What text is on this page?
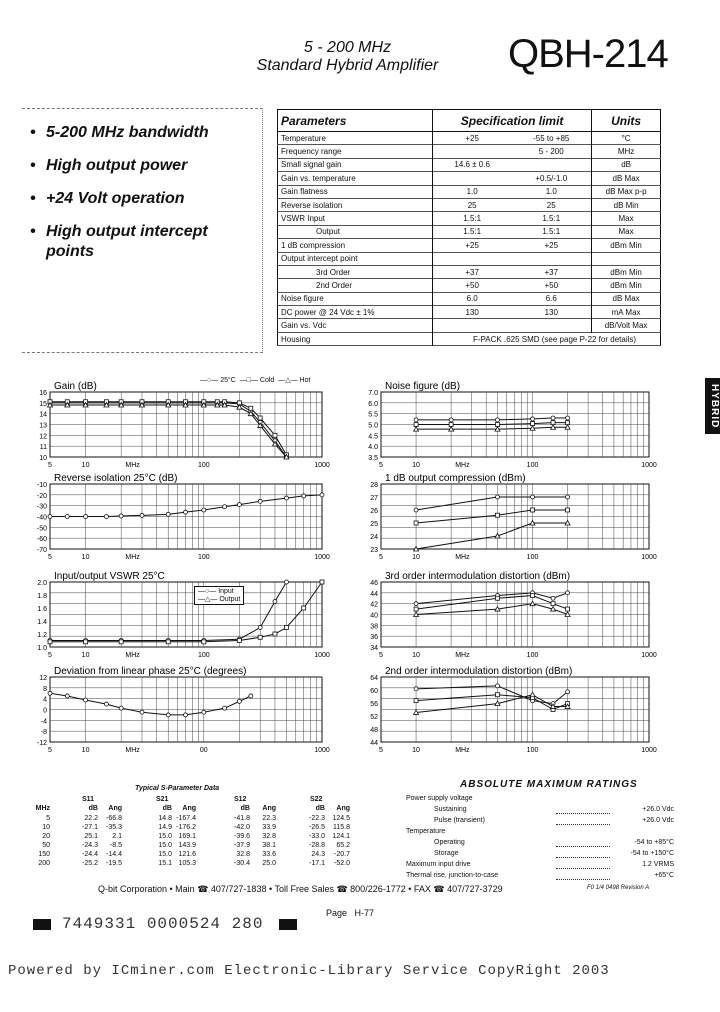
5 - 200 MHz
Standard Hybrid Amplifier	QBH-214
HYBRID
• 5-200 MHz bandwidth
• High output power
• +24 Volt operation
• High output intercept points
Parameters	Specification limit		Units
Temperature	+25	-55 to +85	°C
Frequency range		5 - 200	MHz
Small signal gain	14.6 ± 0.6		dB
Gain vs. temperature		+0.5/-1.0	dB Max
Gain flatness	1.0	1.0	dB Max p-p
Reverse isolation	25	25	dB Min
VSWR Input	1.5:1	1.5:1	Max
Output	1.5:1	1.5:1	Max
1 dB compression	+25	+25	dBm Min
Output intercept point			
3rd Order	+37	+37	dBm Min
2nd Order	+50	+50	dBm Min
Noise figure	6.0	6.6	dB Max
DC power @ 24 Vdc ± 1%	130	130	mA Max
Gain vs. Vdc			dB/Volt Max
Housing	F-PACK .625 SMD (see page P-22 for details)		
Gain (dB)
16
15
14
13
12
11
10
5	10	MHz	100	1000
Noise figure (dB)
7.0
6.0
5.5
5.0
4.5
4.0
3.5
5	10	MHz	100	1000
Reverse isolation 25°C (dB)
-10
-20
-30
-40
-50
-60
-70
5	10	MHz	100	1000
1 dB output compression (dBm)
28
27
26
25
24
23
5	10	MHz	100	1000
Input/output VSWR 25°C
2.0
1.8
1.6
1.4
1.2
1.0
5	10	MHz	100	1000
3rd order intermodulation distortion (dBm)
46
44
42
40
38
36
34
5	10	MHz	100	1000
Deviation from linear phase 25°C (degrees)
12
8
4
0
-4
-8
-12
5	10	MHz	00	1000
2nd order intermodulation distortion (dBm)
64
60
56
52
48
44
5	10	MHz	100	1000
—○— 25°C —□— Cold —△— Hot
—○— Input
—△— Output
Typical S-Parameter Data
S11	S21	S12	S22
MHz	dB	Ang	dB	Ang	dB	Ang	dB	Ang
5	22.2	-66.8	14.8 -167.4	-41.8	22.3	-22.3	124.5
10	-27.1	-35.3	14.9 -176.2	-42.0	33.9	-26.5	115.8
20	25.1	2.1	15.0 169.1	-39.6	32.8	-33.0	124.1
50	-24.3	-8.5	15.0 143.9	-37.9	38.1	-28.8	65.2
150	-24.4	-14.4	15.0 121.6	32.8	33.6	24.3	-20.7
200	-25.2	-19.5	15.1 105.3	-30.4	25.0	-17.1	-52.0
ABSOLUTE MAXIMUM RATINGS
Power supply voltage
Sustaining	+26.0 Vdc
Pulse (transient)	+26.0 Vdc
Temperature
Operating	-54 to +85°C
Storage	-54 to +150°C
Maximum input drive	1.2 VRMS
Thermal rise, junction-to-case	+65°C
Q-bit Corporation • Main ☎ 407/727-1838 • Toll Free Sales ☎ 800/226-1772 • FAX ☎ 407/727-3729	F0 1/4 0498 Revision A
Page H-77
7449331 0000524 280
Powered by ICminer.com Electronic-Library Service CopyRight 2003
